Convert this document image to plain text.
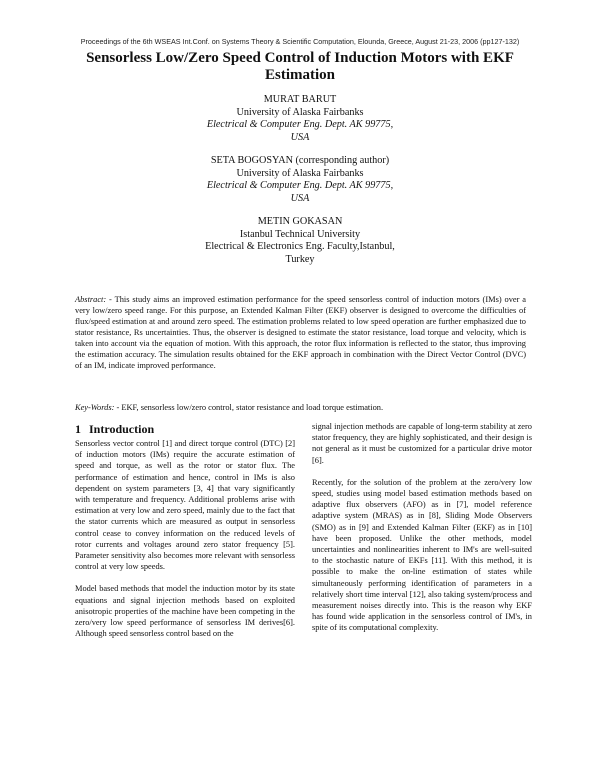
Proceedings of the 6th WSEAS Int.Conf. on Systems Theory & Scientific Computation, Elounda, Greece, August 21-23, 2006 (pp127-132)
Sensorless Low/Zero Speed Control of Induction Motors with EKF Estimation
MURAT BARUT
University of Alaska Fairbanks
Electrical & Computer Eng. Dept. AK 99775,
USA
SETA BOGOSYAN (corresponding author)
University of Alaska Fairbanks
Electrical & Computer Eng. Dept. AK 99775,
USA
METIN GOKASAN
Istanbul Technical University
Electrical & Electronics Eng. Faculty,Istanbul,
Turkey
Abstract: - This study aims an improved estimation performance for the speed sensorless control of induction motors (IMs) over a very low/zero speed range. For this purpose, an Extended Kalman Filter (EKF) observer is designed to overcome the difficulties of flux/speed estimation at and around zero speed. The estimation problems related to low speed operation are further emphasized due to stator resistance, Rs uncertainties. Thus, the observer is designed to estimate the stator resistance, load torque and velocity, which is taken into account via the equation of motion. With this approach, the rotor flux information is reflected to the stator, thus improving the estimation accuracy. The simulation results obtained for the EKF approach in combination with the Direct Vector Control (DVC) of an IM, indicate improved performance.
Key-Words: - EKF, sensorless low/zero control, stator resistance and load torque estimation.
1 Introduction

Sensorless vector control [1] and direct torque control (DTC) [2] of induction motors (IMs) require the accurate estimation of speed and torque, as well as the rotor or stator flux. The performance of estimation and hence, control in IMs is also dependent on system parameters [3, 4] that vary significantly with temperature and frequency. Additional problems arise with estimation at very low and zero speed, mainly due to the fact that the stator currents which are measured as output in sensorless control cease to convey information on the reduced levels of rotor currents and voltages around zero stator frequency [5]. Parameter sensitivity also becomes more relevant with sensorless control at very low speeds.

Model based methods that model the induction motor by its state equations and signal injection methods based on exploited anisotropic properties of the machine have been competing in the zero/very low speed performance of sensorless IM derives[6]. Although speed sensorless control based on the

signal injection methods are capable of long-term stability at zero stator frequency, they are highly sophisticated, and their design is not general as it must be customized for a particular drive motor [6].

Recently, for the solution of the problem at the zero/very low speed, studies using model based estimation methods based on adaptive flux observers (AFO) as in [7], model reference adaptive system (MRAS) as in [8], Sliding Mode Observers (SMO) as in [9] and Extended Kalman Filter (EKF) as in [10] have been proposed. Unlike the other methods, model uncertainties and nonlinearities inherent to IM's are well-suited to the stochastic nature of EKFs [11]. With this method, it is possible to make the on-line estimation of states while simultaneously performing identification of parameters in a relatively short time interval [12], also taking system/process and measurement noises directly into. This is the reason why EKF has found wide application in the sensorless control of IM's, in spite of its computational complexity.
